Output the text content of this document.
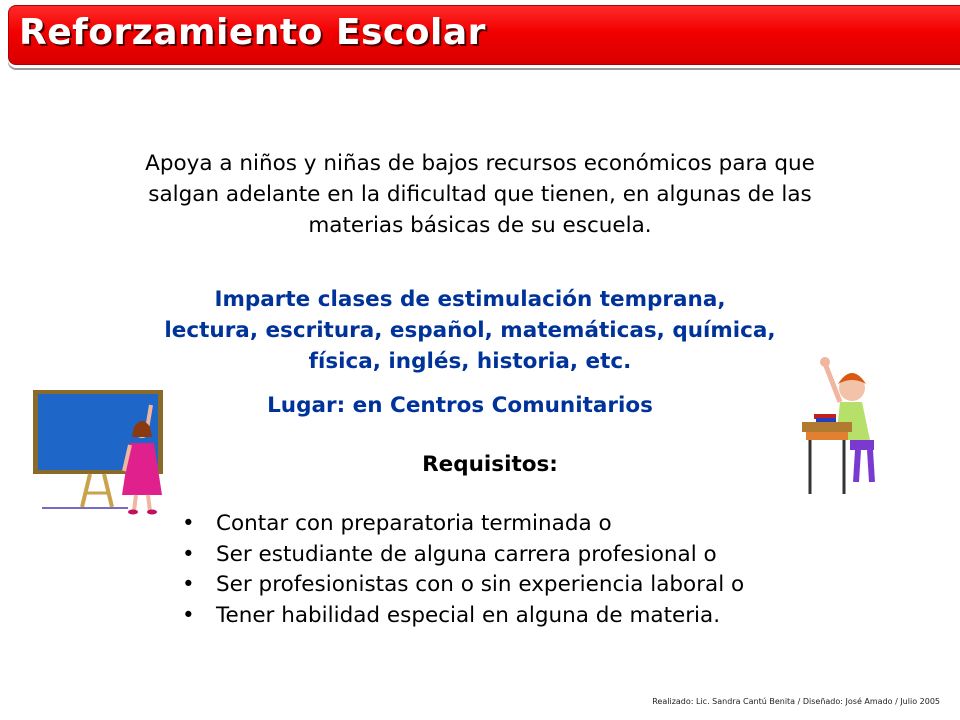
Reforzamiento Escolar
Apoya a niños y niñas de bajos recursos económicos para que
salgan adelante en la dificultad que tienen, en algunas de las
materias básicas de su escuela.
Imparte clases de estimulación temprana,
lectura, escritura, español, matemáticas, química,
física, inglés, historia, etc.
Lugar: en Centros Comunitarios
Requisitos:
• Contar con preparatoria terminada o
• Ser estudiante de alguna carrera profesional o
• Ser profesionistas con o sin experiencia laboral o
• Tener habilidad especial en alguna de materia.
Realizado: Lic. Sandra Cantú Benita / Diseñado: José Amado / Julio 2005
